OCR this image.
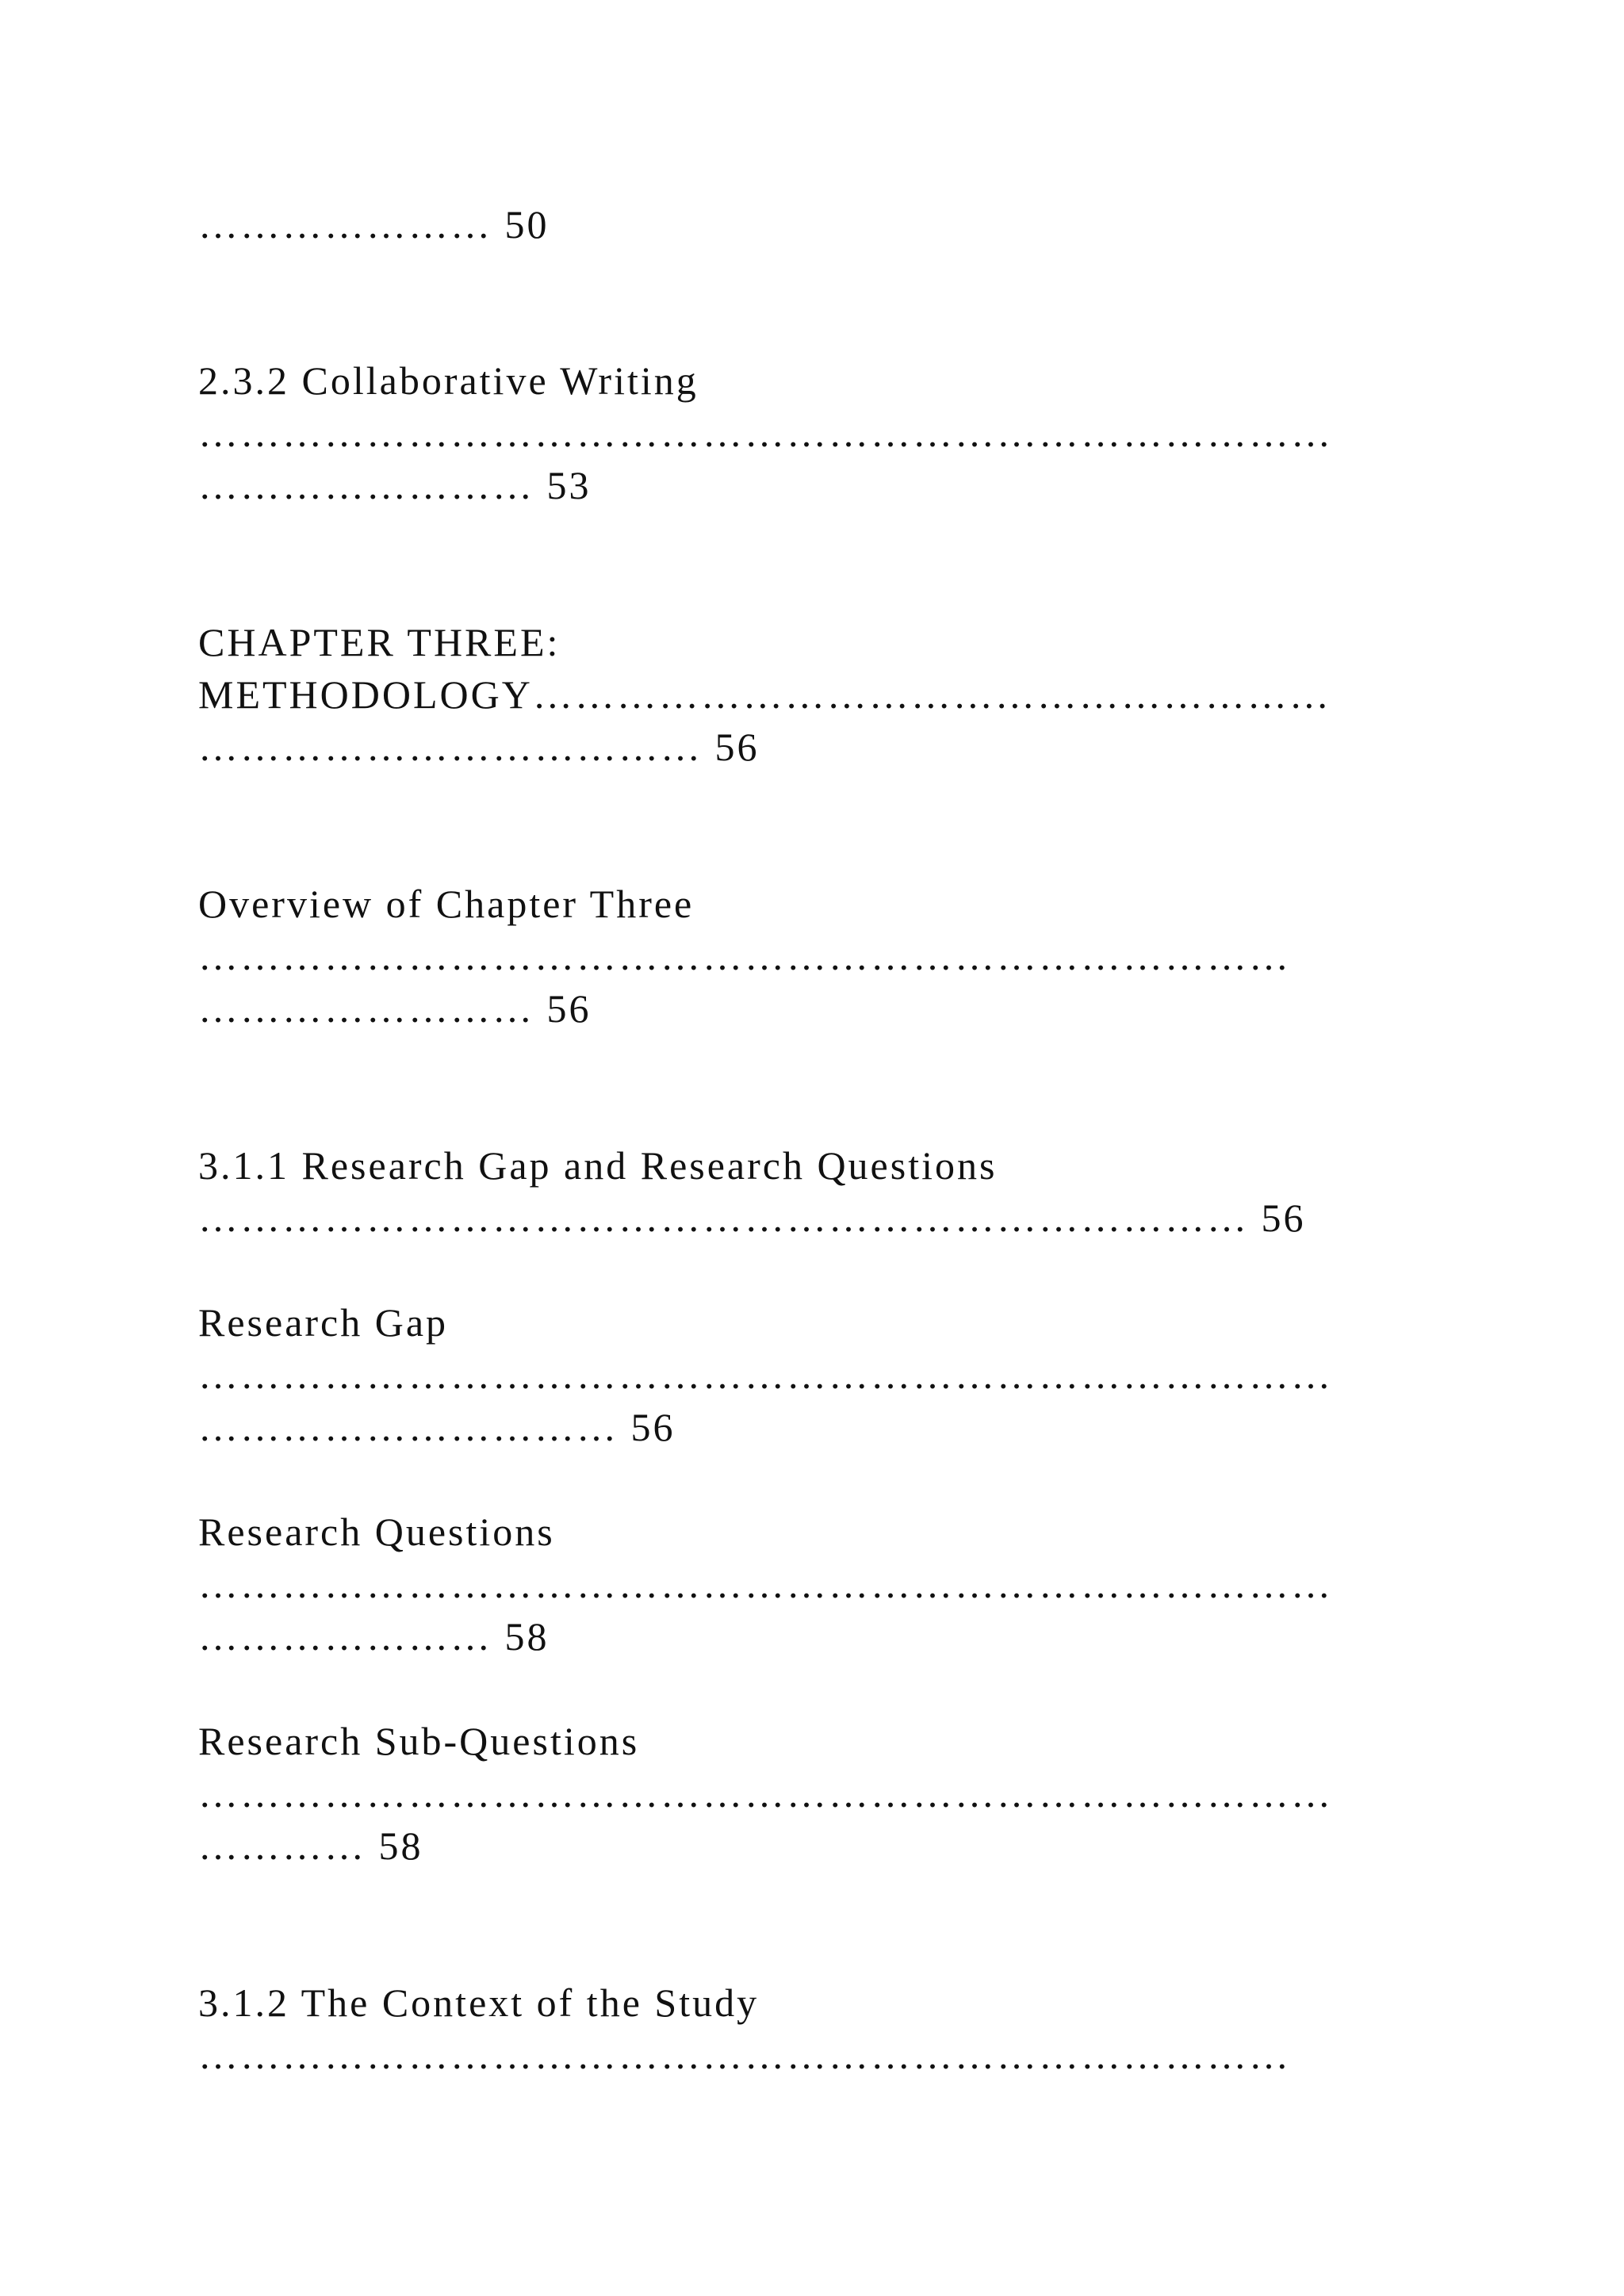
………………… 50
2.3.2 Collaborative Writing
………………………………………………………………………
…………………… 53
CHAPTER THREE:
METHODOLOGY…………………………………………………
……………………………… 56
Overview of Chapter Three
……………………………………………………………………
…………………… 56
3.1.1 Research Gap and Research Questions
………………………………………………………………… 56
Research Gap
………………………………………………………………………
………………………… 56
Research Questions
………………………………………………………………………
………………… 58
Research Sub-Questions
………………………………………………………………………
………… 58
3.1.2 The Context of the Study
……………………………………………………………………
